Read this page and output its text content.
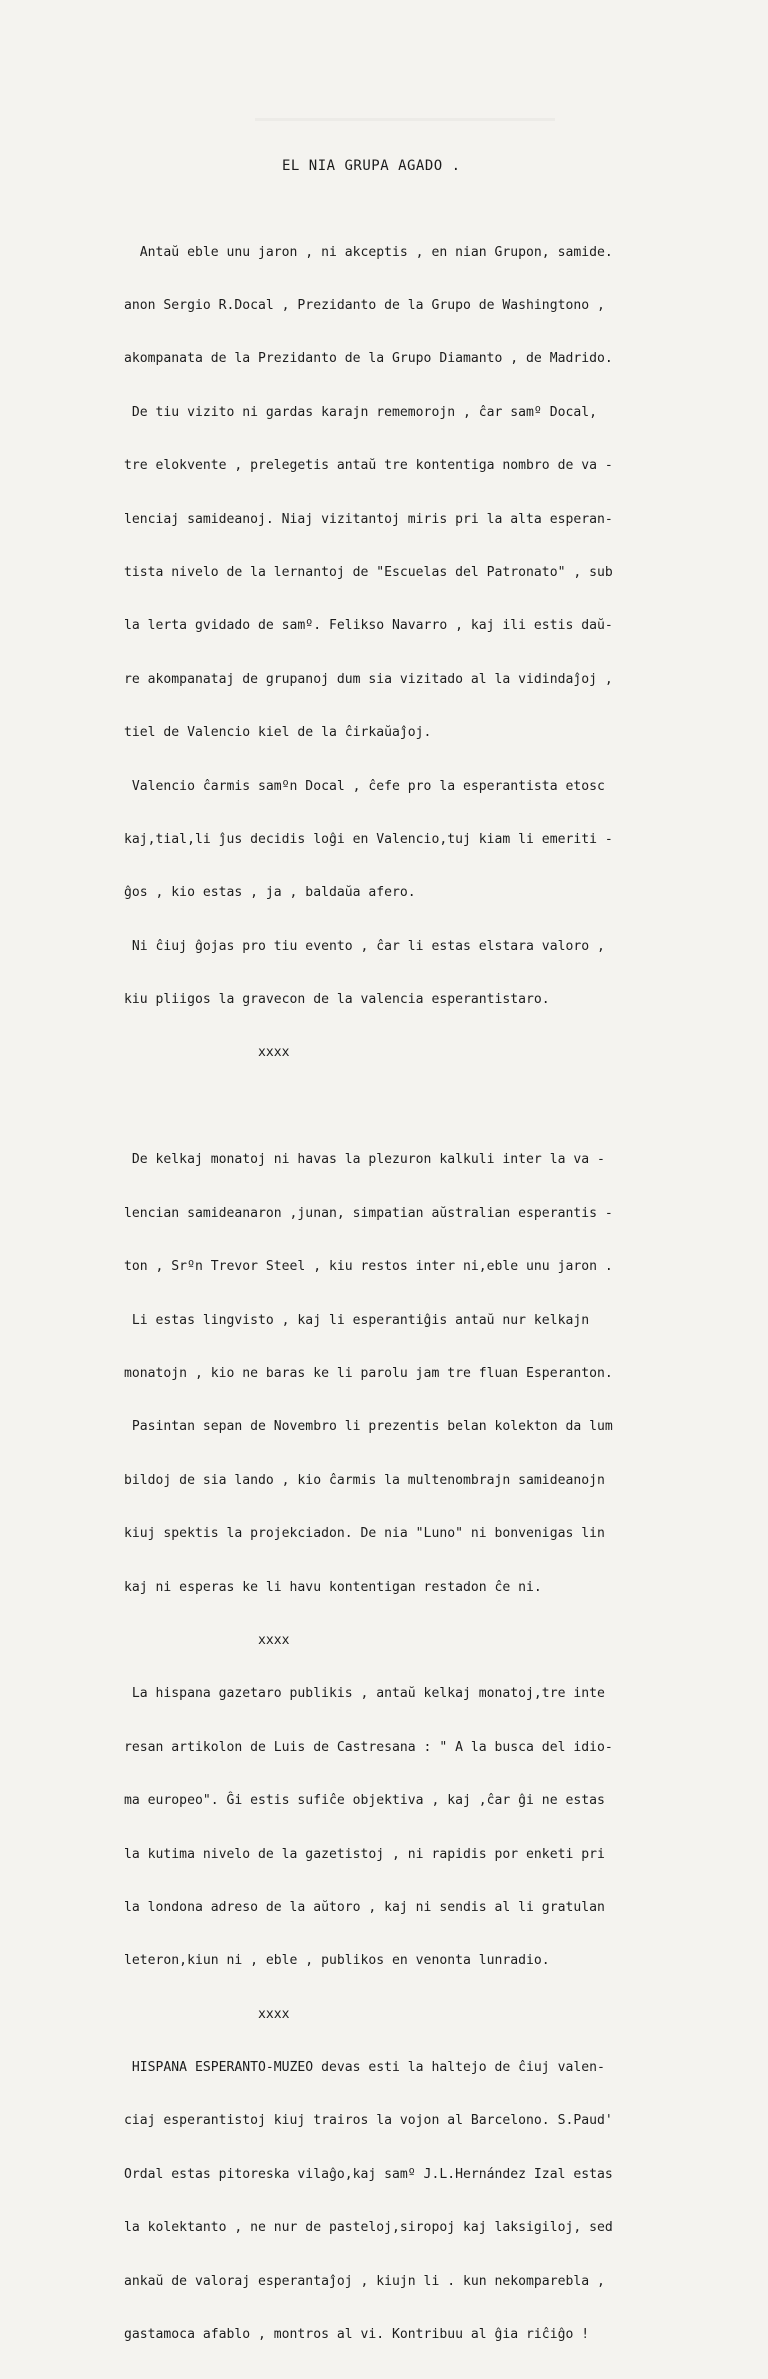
EL NIA GRUPA AGADO .

Antaŭ eble unu jaron , ni akceptis , en nian Grupon, samide.

anon Sergio R.Docal , Prezidanto de la Grupo de Washingtono ,

akompanata de la Prezidanto de la Grupo Diamanto , de Madrido.

De tiu vizito ni gardas karajn rememorojn , ĉar samº Docal,

tre elokvente , prelegetis antaŭ tre kontentiga nombro de va -

lenciaj samideanoj. Niaj vizitantoj miris pri la alta esperan-

tista nivelo de la lernantoj de "Escuelas del Patronato" , sub

la lerta gvidado de samº. Felikso Navarro , kaj ili estis daŭ-

re akompanataj de grupanoj dum sia vizitado al la vidindaĵoj ,

tiel de Valencio kiel de la ĉirkaŭaĵoj.

Valencio ĉarmis samºn Docal , ĉefe pro la esperantista etosc

kaj,tial,li ĵus decidis loĝi en Valencio,tuj kiam li emeriti -

ĝos , kio estas , ja , baldaŭa afero.

Ni ĉiuj ĝojas pro tiu evento , ĉar li estas elstara valoro ,

kiu pliigos la gravecon de la valencia esperantistaro.

xxxx

De kelkaj monatoj ni havas la plezuron kalkuli inter la va -

lencian samideanaron ,junan, simpatian aŭstralian esperantis -

ton , Srºn Trevor Steel , kiu restos inter ni,eble unu jaron .

Li estas lingvisto , kaj li esperantiĝis antaŭ nur kelkajn

monatojn , kio ne baras ke li parolu jam tre fluan Esperanton.

Pasintan sepan de Novembro li prezentis belan kolekton da lum

bildoj de sia lando , kio ĉarmis la multenombrajn samideanojn

kiuj spektis la projekciadon. De nia "Luno" ni bonvenigas lin

kaj ni esperas ke li havu kontentigan restadon ĉe ni.

xxxx

La hispana gazetaro publikis , antaŭ kelkaj monatoj,tre inte

resan artikolon de Luis de Castresana : " A la busca del idio-

ma europeo". Ĝi estis sufiĉe objektiva , kaj ,ĉar ĝi ne estas

la kutima nivelo de la gazetistoj , ni rapidis por enketi pri

la londona adreso de la aŭtoro , kaj ni sendis al li gratulan

leteron,kiun ni , eble , publikos en venonta lunradio.

xxxx

HISPANA ESPERANTO-MUZEO devas esti la haltejo de ĉiuj valen-

ciaj esperantistoj kiuj trairos la vojon al Barcelono. S.Paud'

Ordal estas pitoreska vilaĝo,kaj samº J.L.Hernández Izal estas

la kolektanto , ne nur de pasteloj,siropoj kaj laksigiloj, sed

ankaŭ de valoraj esperantaĵoj , kiujn li . kun nekomparebla ,

gastamoca afablo , montros al vi. Kontribuu al ĝia riĉiĝo !
